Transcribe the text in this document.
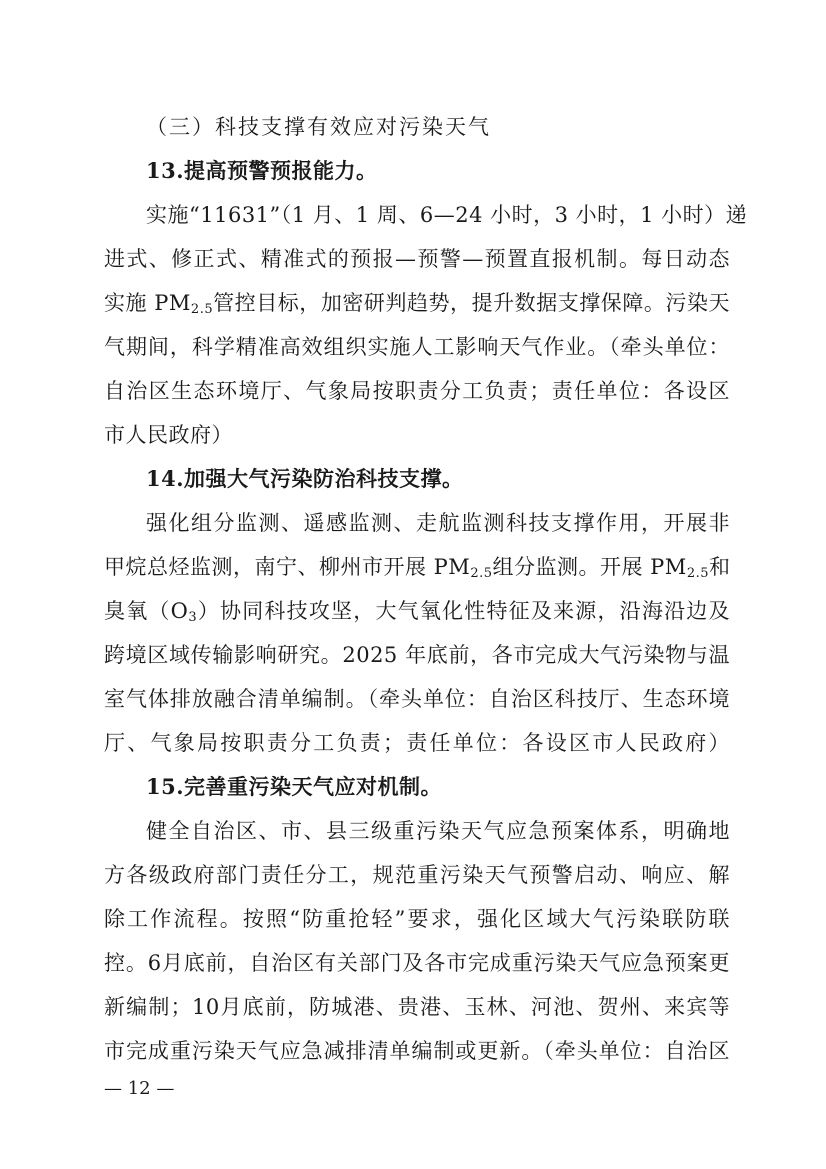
（三）科技支撑有效应对污染天气
13.提高预警预报能力。
实施“11631”（1 月、1 周、6—24 小时，3 小时，1 小时）递
进式、修正式、精准式的预报—预警—预置直报机制。每日动态
实施 $PM_{2.5}$管控目标，加密研判趋势，提升数据支撑保障。污染天
气期间，科学精准高效组织实施人工影响天气作业。（牵头单位：
自治区生态环境厅、气象局按职责分工负责；责任单位：各设区
市人民政府）
14.加强大气污染防治科技支撑。
强化组分监测、遥感监测、走航监测科技支撑作用，开展非
甲烷总烃监测，南宁、柳州市开展 $PM_{2.5}$组分监测。开展 $PM_{2.5}$和
臭氧$(O_3)$协同科技攻坚，大气氧化性特征及来源，沿海沿边及
跨境区域传输影响研究。2025 年底前，各市完成大气污染物与温
室气体排放融合清单编制。（牵头单位：自治区科技厅、生态环境
厅、气象局按职责分工负责；责任单位：各设区市人民政府）
15.完善重污染天气应对机制。
健全自治区、市、县三级重污染天气应急预案体系，明确地
方各级政府部门责任分工，规范重污染天气预警启动、响应、解
除工作流程。按照“防重抢轻”要求，强化区域大气污染联防联
控。6月底前，自治区有关部门及各市完成重污染天气应急预案更
新编制；10月底前，防城港、贵港、玉林、河池、贺州、来宾等
市完成重污染天气应急减排清单编制或更新。（牵头单位：自治区
— 12 —
